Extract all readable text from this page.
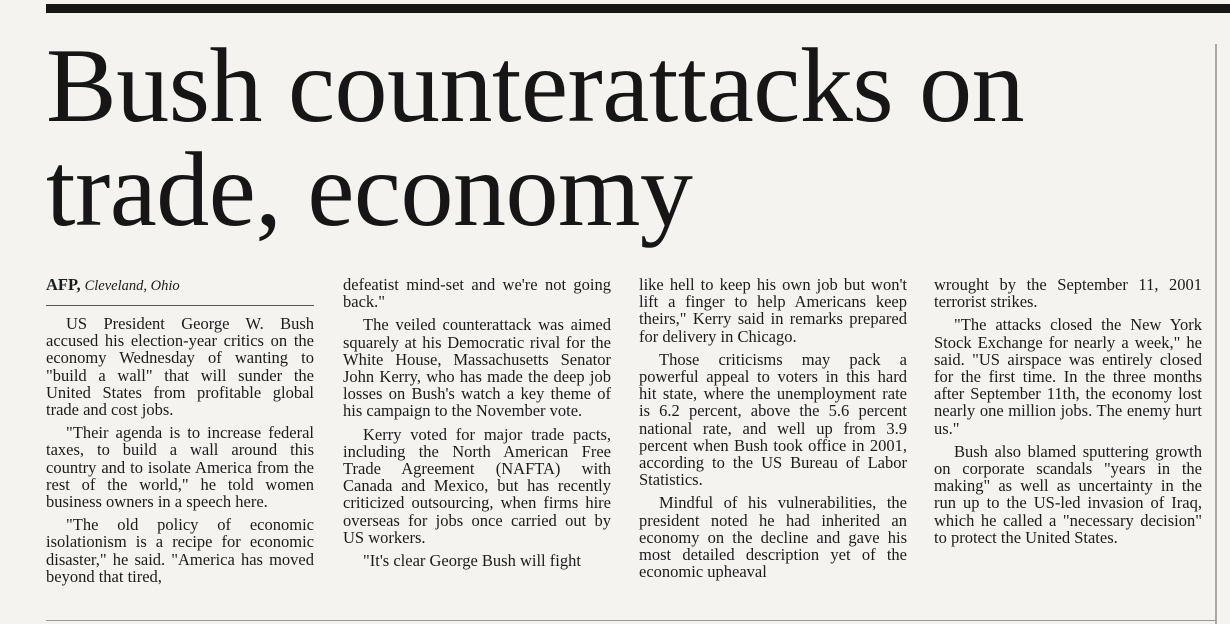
Bush counterattacks on trade, economy
AFP, Cleveland, Ohio

US President George W. Bush accused his election-year critics on the economy Wednesday of wanting to "build a wall" that will sunder the United States from profitable global trade and cost jobs.

"Their agenda is to increase federal taxes, to build a wall around this country and to isolate America from the rest of the world," he told women business owners in a speech here.

"The old policy of economic isolationism is a recipe for economic disaster," he said. "America has moved beyond that tired,

defeatist mind-set and we're not going back."

The veiled counterattack was aimed squarely at his Democratic rival for the White House, Massachusetts Senator John Kerry, who has made the deep job losses on Bush's watch a key theme of his campaign to the November vote.

Kerry voted for major trade pacts, including the North American Free Trade Agreement (NAFTA) with Canada and Mexico, but has recently criticized outsourcing, when firms hire overseas for jobs once carried out by US workers.

"It's clear George Bush will fight

like hell to keep his own job but won't lift a finger to help Americans keep theirs," Kerry said in remarks prepared for delivery in Chicago.

Those criticisms may pack a powerful appeal to voters in this hard hit state, where the unemployment rate is 6.2 percent, above the 5.6 percent national rate, and well up from 3.9 percent when Bush took office in 2001, according to the US Bureau of Labor Statistics.

Mindful of his vulnerabilities, the president noted he had inherited an economy on the decline and gave his most detailed description yet of the economic upheaval

wrought by the September 11, 2001 terrorist strikes.

"The attacks closed the New York Stock Exchange for nearly a week," he said. "US airspace was entirely closed for the first time. In the three months after September 11th, the economy lost nearly one million jobs. The enemy hurt us."

Bush also blamed sputtering growth on corporate scandals "years in the making" as well as uncertainty in the run up to the US-led invasion of Iraq, which he called a "necessary decision" to protect the United States.
